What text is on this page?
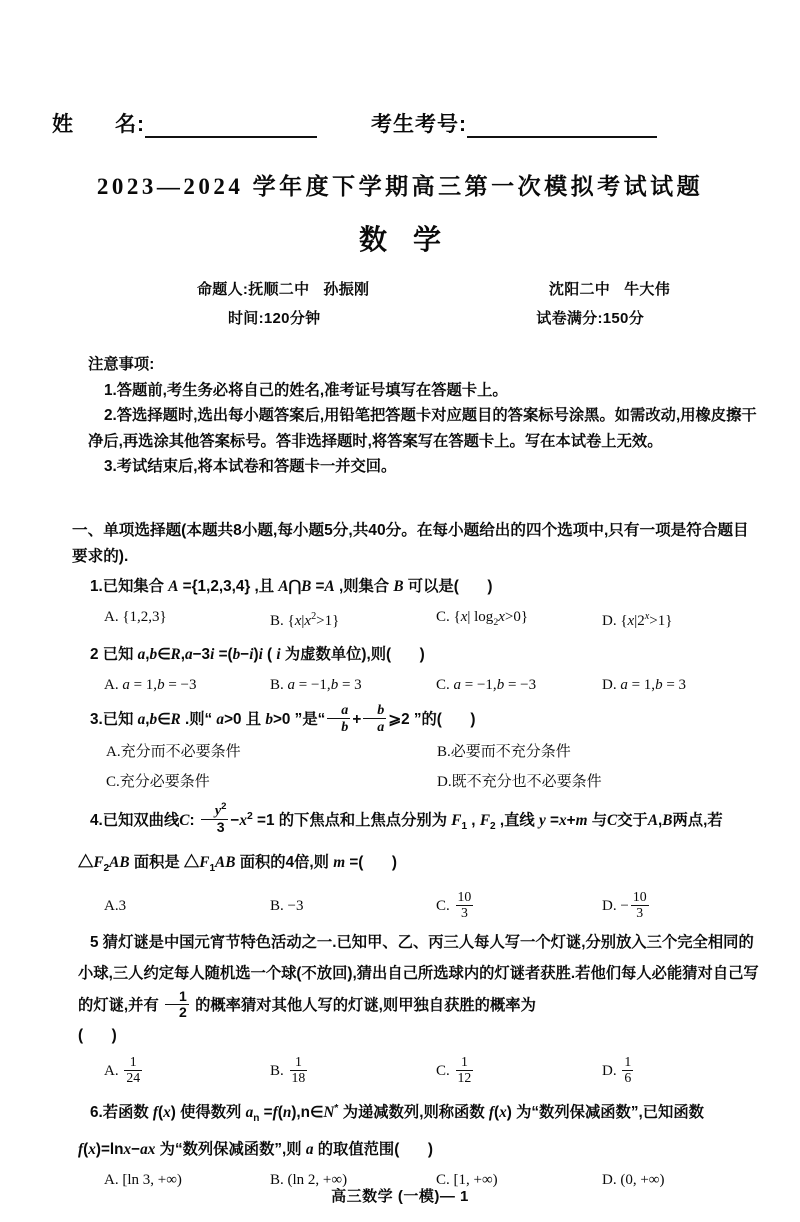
姓      名:	考生考号:
2023—2024 学年度下学期高三第一次模拟考试试题
数学
命题人:抚顺二中 孙振刚	沈阳二中 牛大伟
时间:120分钟	试卷满分:150分
注意事项:
1.答题前,考生务必将自己的姓名,准考证号填写在答题卡上。
2.答选择题时,选出每小题答案后,用铅笔把答题卡对应题目的答案标号涂黑。如需改动,用橡皮擦干净后,再选涂其他答案标号。答非选择题时,将答案写在答题卡上。写在本试卷上无效。
3.考试结束后,将本试卷和答题卡一并交回。
一、单项选择题(本题共8小题,每小题5分,共40分。在每小题给出的四个选项中,只有一项是符合题目要求的).
1.已知集合 A ={1,2,3,4} ,且 A⋂B =A ,则集合 B 可以是( )
A. {1,2,3}	B. $\{x|x^2>1\}$	C. {x| $\log_2x>0$}	D. $\{x|2^x>1\}$
2 已知 a,b∈R,a−3i =(b−i)i ( i 为虚数单位),则( )
A. a = 1,b = −3	B. a = −1,b = 3	C. a = −1,b = −3	D. a = 1,b = 3
3.已知 a,b∈R .则“ a>0 且 b>0 ”是“ $\frac{a}{b} + \frac{b}{a}$ ⩾2 ”的( )
A.充分而不必要条件	B.必要而不充分条件
C.充分必要条件	D.既不充分也不必要条件
4.已知双曲线C: $\frac{y^2}{3} -x^2 =1$ 的下焦点和上焦点分别为 $F_1$ , $F_2$ ,直线 y =x+m 与C交于A,B两点,若 $\triangle F_2AB$ 面积是 $\triangle F_1AB$ 面积的4倍,则 m =( )
A.3	B. −3	C. $\frac{10}{3}$	D. − $\frac{10}{3}$
5 猜灯谜是中国元宵节特色活动之一.已知甲、乙、丙三人每人写一个灯谜,分别放入三个完全相同的小球,三人约定每人随机选一个球(不放回),猜出自己所选球内的灯谜者获胜.若他们每人必能猜对自己写的灯谜,并有 $\frac{1}{2}$ 的概率猜对其他人写的灯谜,则甲独自获胜的概率为
( )
A. $\frac{1}{24}$	B. $\frac{1}{18}$	C. $\frac{1}{12}$	D. $\frac{1}{6}$
6.若函数 f(x) 使得数列 $a_n$ =f(n),n∈N* 为递减数列,则称函数 f(x) 为“数列保减函数”,已知函数 f(x)=lnx−ax 为“数列保减函数”,则 a 的取值范围( )
A. [ln 3, +∞)	B. (ln 2, +∞)	C. [1, +∞)	D. (0, +∞)
高三数学 (一模)— 1
